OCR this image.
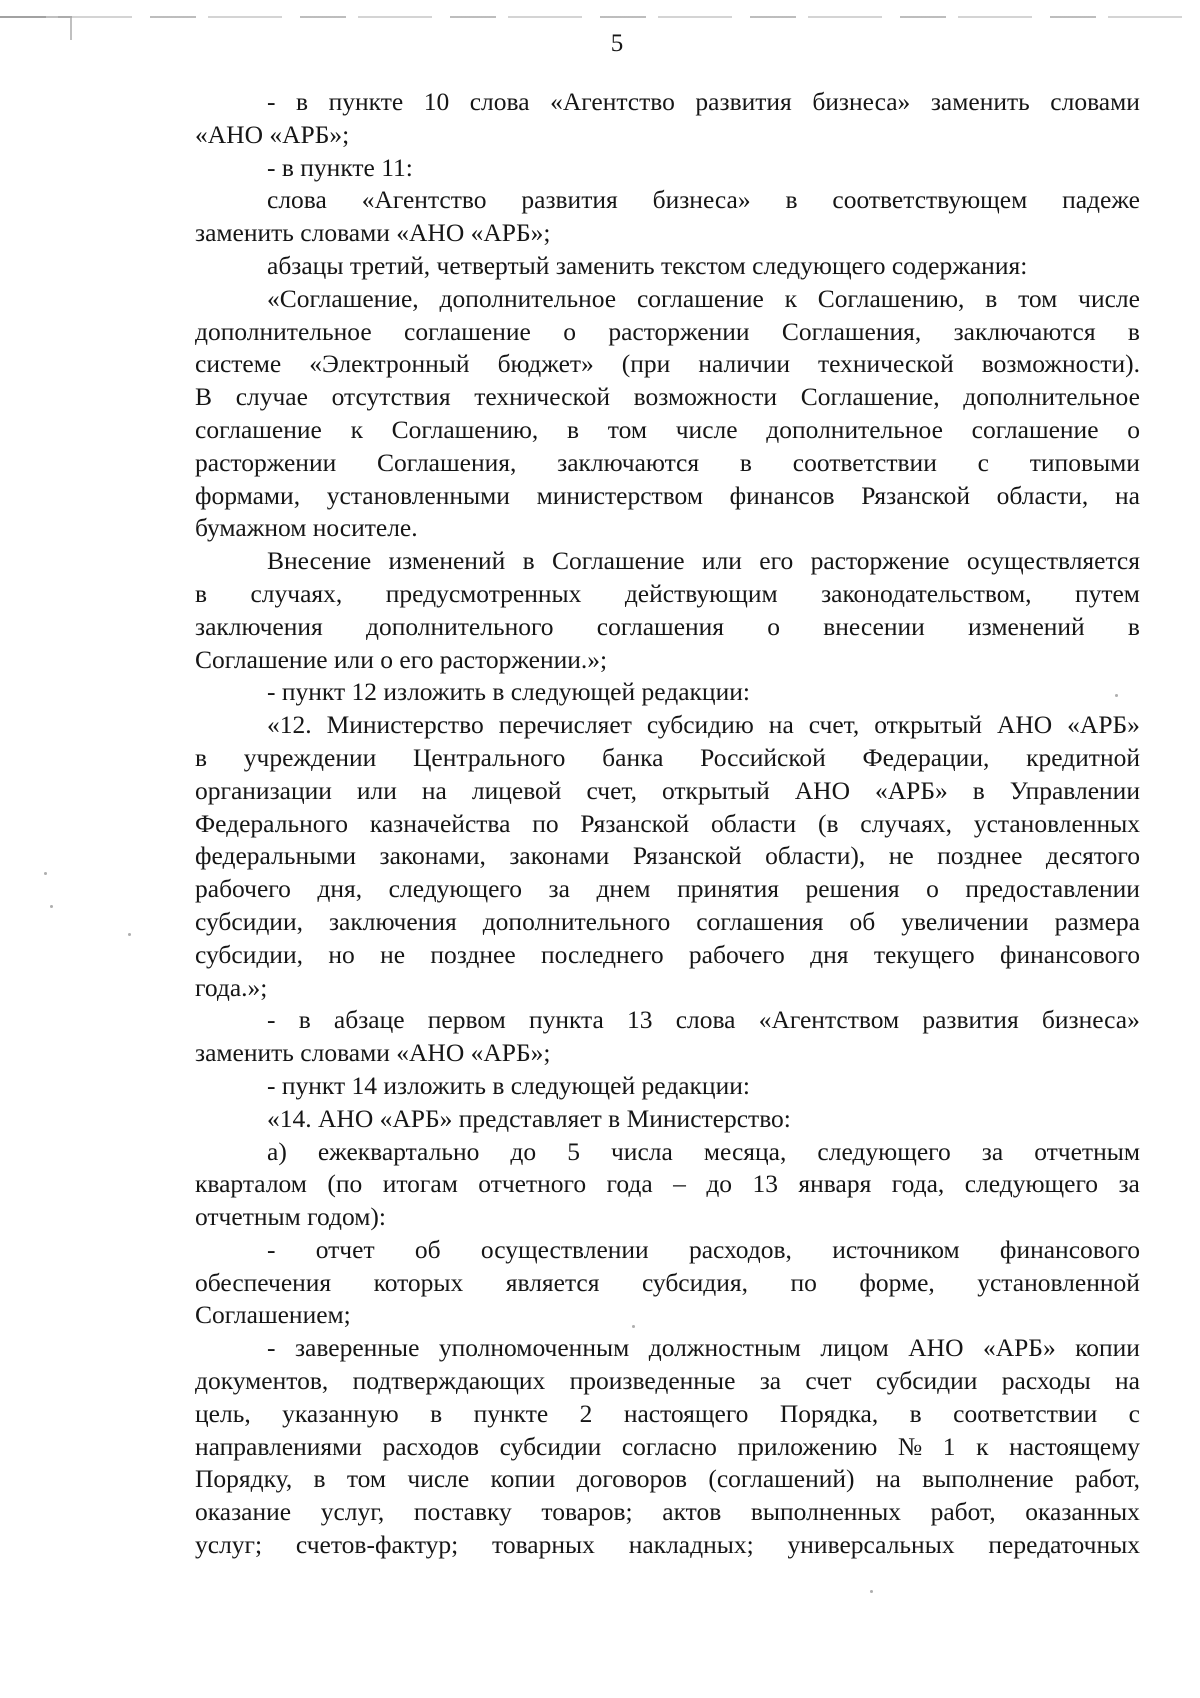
5
- в пункте 10 слова «Агентство развития бизнеса» заменить словами
«АНО «АРБ»;
- в пункте 11:
слова «Агентство развития бизнеса» в соответствующем падеже
заменить словами «АНО «АРБ»;
абзацы третий, четвертый заменить текстом следующего содержания:
«Соглашение, дополнительное соглашение к Соглашению, в том числе
дополнительное соглашение о расторжении Соглашения, заключаются в
системе «Электронный бюджет» (при наличии технической возможности).
В случае отсутствия технической возможности Соглашение, дополнительное
соглашение к Соглашению, в том числе дополнительное соглашение о
расторжении Соглашения, заключаются в соответствии с типовыми
формами, установленными министерством финансов Рязанской области, на
бумажном носителе.
Внесение изменений в Соглашение или его расторжение осуществляется
в случаях, предусмотренных действующим законодательством, путем
заключения дополнительного соглашения о внесении изменений в
Соглашение или о его расторжении.»;
- пункт 12 изложить в следующей редакции:
«12. Министерство перечисляет субсидию на счет, открытый АНО «АРБ»
в учреждении Центрального банка Российской Федерации, кредитной
организации или на лицевой счет, открытый АНО «АРБ» в Управлении
Федерального казначейства по Рязанской области (в случаях, установленных
федеральными законами, законами Рязанской области), не позднее десятого
рабочего дня, следующего за днем принятия решения о предоставлении
субсидии, заключения дополнительного соглашения об увеличении размера
субсидии, но не позднее последнего рабочего дня текущего финансового
года.»;
- в абзаце первом пункта 13 слова «Агентством развития бизнеса»
заменить словами «АНО «АРБ»;
- пункт 14 изложить в следующей редакции:
«14. АНО «АРБ» представляет в Министерство:
а) ежеквартально до 5 числа месяца, следующего за отчетным
кварталом (по итогам отчетного года – до 13 января года, следующего за
отчетным годом):
- отчет об осуществлении расходов, источником финансового
обеспечения которых является субсидия, по форме, установленной
Соглашением;
- заверенные уполномоченным должностным лицом АНО «АРБ» копии
документов, подтверждающих произведенные за счет субсидии расходы на
цель, указанную в пункте 2 настоящего Порядка, в соответствии с
направлениями расходов субсидии согласно приложению № 1 к настоящему
Порядку, в том числе копии договоров (соглашений) на выполнение работ,
оказание услуг, поставку товаров; актов выполненных работ, оказанных
услуг; счетов-фактур; товарных накладных; универсальных передаточных
